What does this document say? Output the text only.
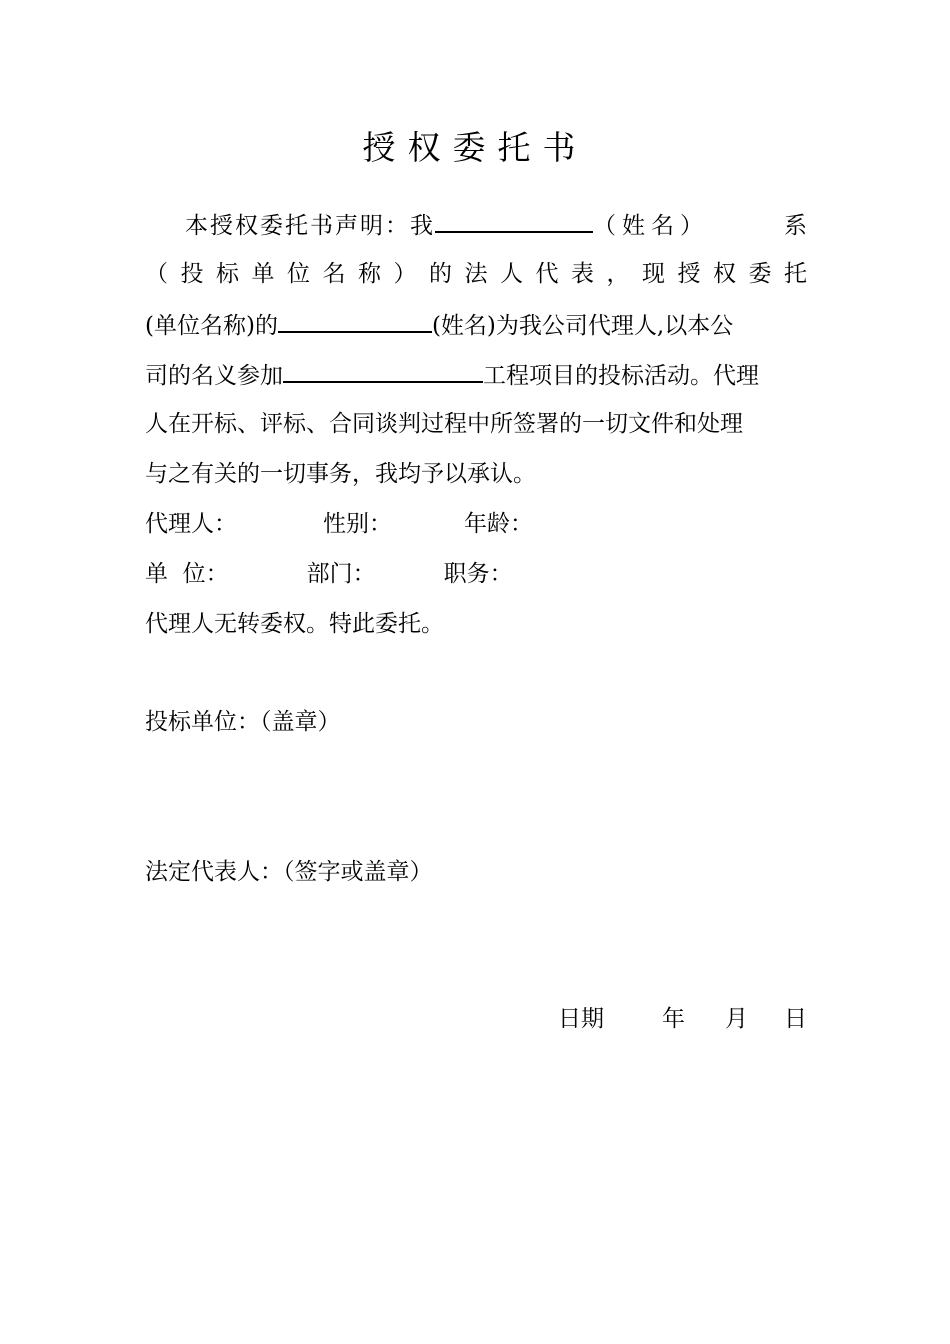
授权委托书
本授权委托书声明：我	（姓名）	系
（ 投 标 单 位 名 称 ） 的 法 人 代 表 ， 现 授 权 委 托
(单位名称)的	(姓名)为我公司代理人,以本公
司的名义参加	工程项目的投标活动。代理
人在开标、评标、合同谈判过程中所签署的一切文件和处理
与之有关的一切事务，我均予以承认。
代理人：	性别：	年龄：
单  位：	部门：	职务：
代理人无转委权。特此委托。
投标单位：（盖章）
法定代表人：（签字或盖章）
日期	年 月 日
